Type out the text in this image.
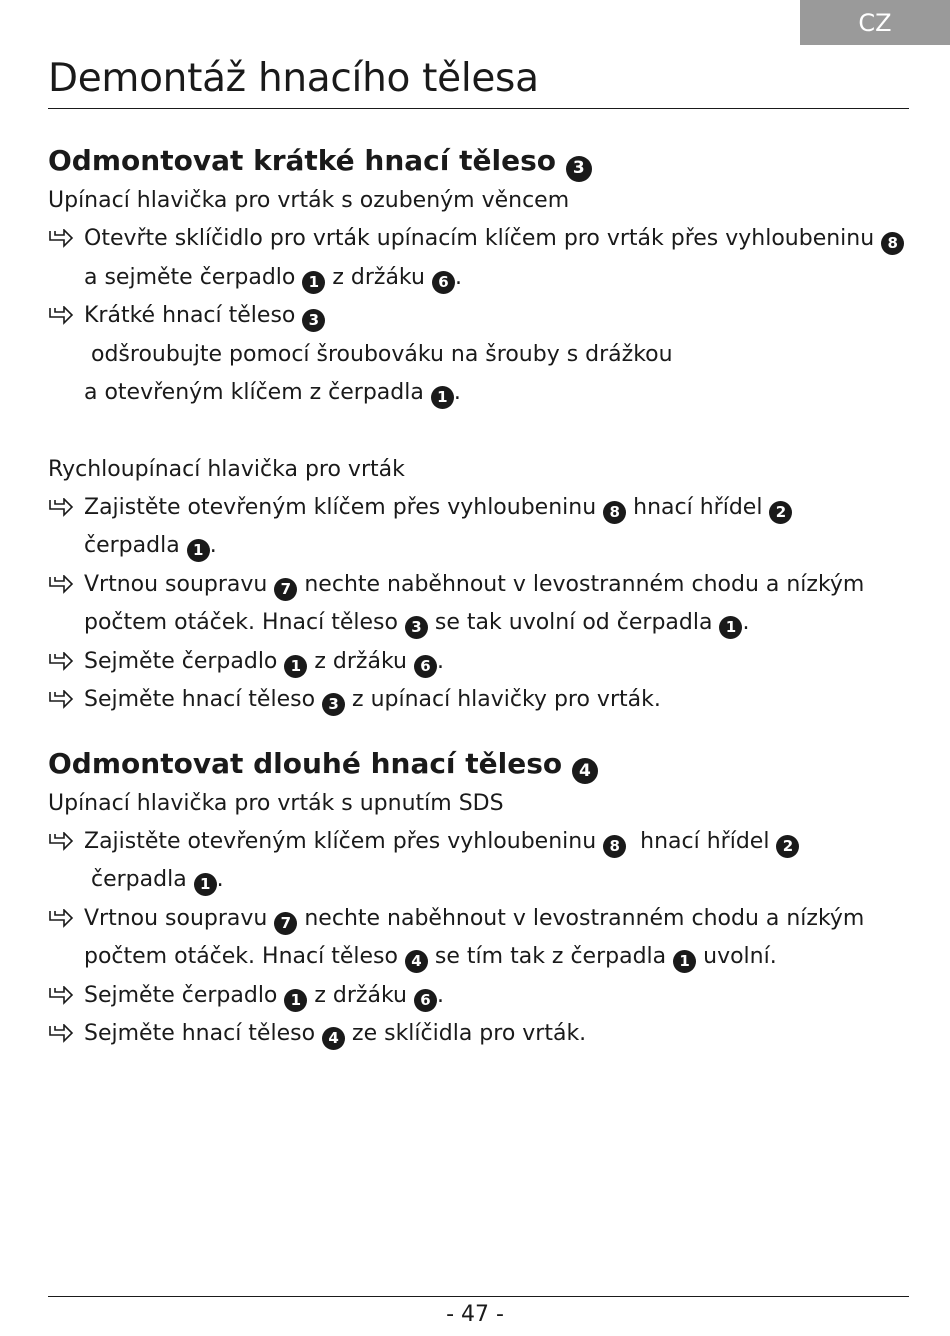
CZ
Demontáž hnacího tělesa
Odmontovat krátké hnací těleso 3

Upínací hlavička pro vrták s ozubeným věncem

Otevřte sklíčidlo pro vrták upínacím klíčem pro vrták přes vyhloubeninu 8
a sejměte čerpadlo 1 z držáku 6 .
Krátké hnací těleso 3 odšroubujte pomocí šroubováku na šrouby s drážkou
a otevřeným klíčem z čerpadla 1 .

Rychloupínací hlavička pro vrták

Zajistěte otevřeným klíčem přes vyhloubeninu 8 hnací hřídel 2
čerpadla 1 .
Vrtnou soupravu 7 nechte naběhnout v levostranném chodu a nízkým
počtem otáček. Hnací těleso 3 se tak uvolní od čerpadla 1 .
Sejměte čerpadlo 1 z držáku 6 .
Sejměte hnací těleso 3 z upínací hlavičky pro vrták.
Odmontovat dlouhé hnací těleso 4

Upínací hlavička pro vrták s upnutím SDS

Zajistěte otevřeným klíčem přes vyhloubeninu 8  hnací hřídel 2 čerpadla 1 .
Vrtnou soupravu 7 nechte naběhnout v levostranném chodu a nízkým
počtem otáček. Hnací těleso 4 se tím tak z čerpadla 1 uvolní.
Sejměte čerpadlo 1 z držáku 6 .
Sejměte hnací těleso 4 ze sklíčidla pro vrták.
- 47 -
